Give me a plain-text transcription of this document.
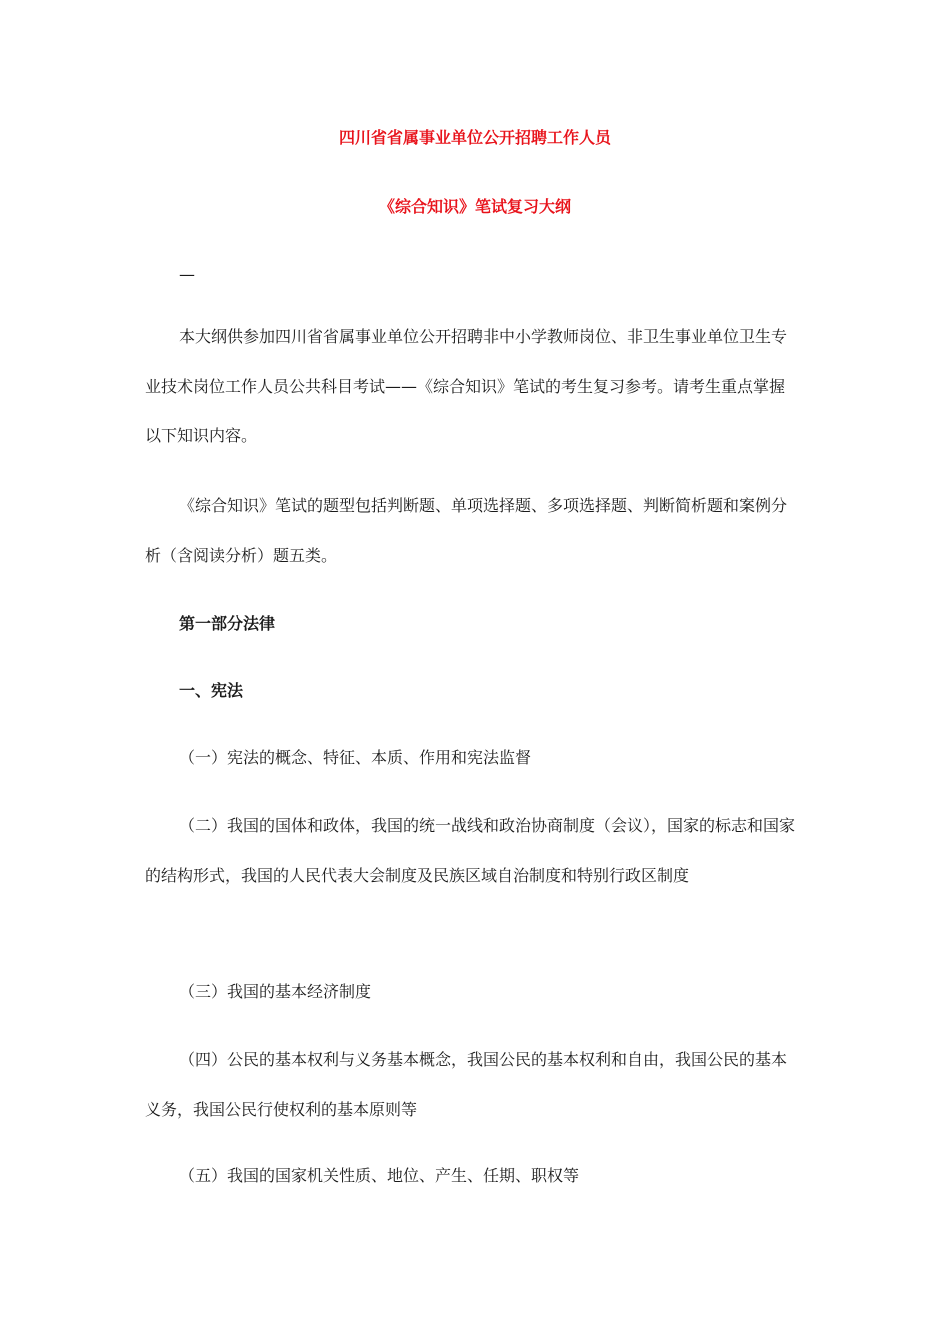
四川省省属事业单位公开招聘工作人员
《综合知识》笔试复习大纲
—

本大纲供参加四川省省属事业单位公开招聘非中小学教师岗位、非卫生事业单位卫生专业技术岗位工作人员公共科目考试——《综合知识》笔试的考生复习参考。请考生重点掌握以下知识内容。

《综合知识》笔试的题型包括判断题、单项选择题、多项选择题、判断简析题和案例分析（含阅读分析）题五类。

第一部分法律
一、宪法

（一）宪法的概念、特征、本质、作用和宪法监督

（二）我国的国体和政体，我国的统一战线和政治协商制度（会议），国家的标志和国家的结构形式，我国的人民代表大会制度及民族区域自治制度和特别行政区制度

（三）我国的基本经济制度

（四）公民的基本权利与义务基本概念，我国公民的基本权利和自由，我国公民的基本义务，我国公民行使权利的基本原则等

（五）我国的国家机关性质、地位、产生、任期、职权等
